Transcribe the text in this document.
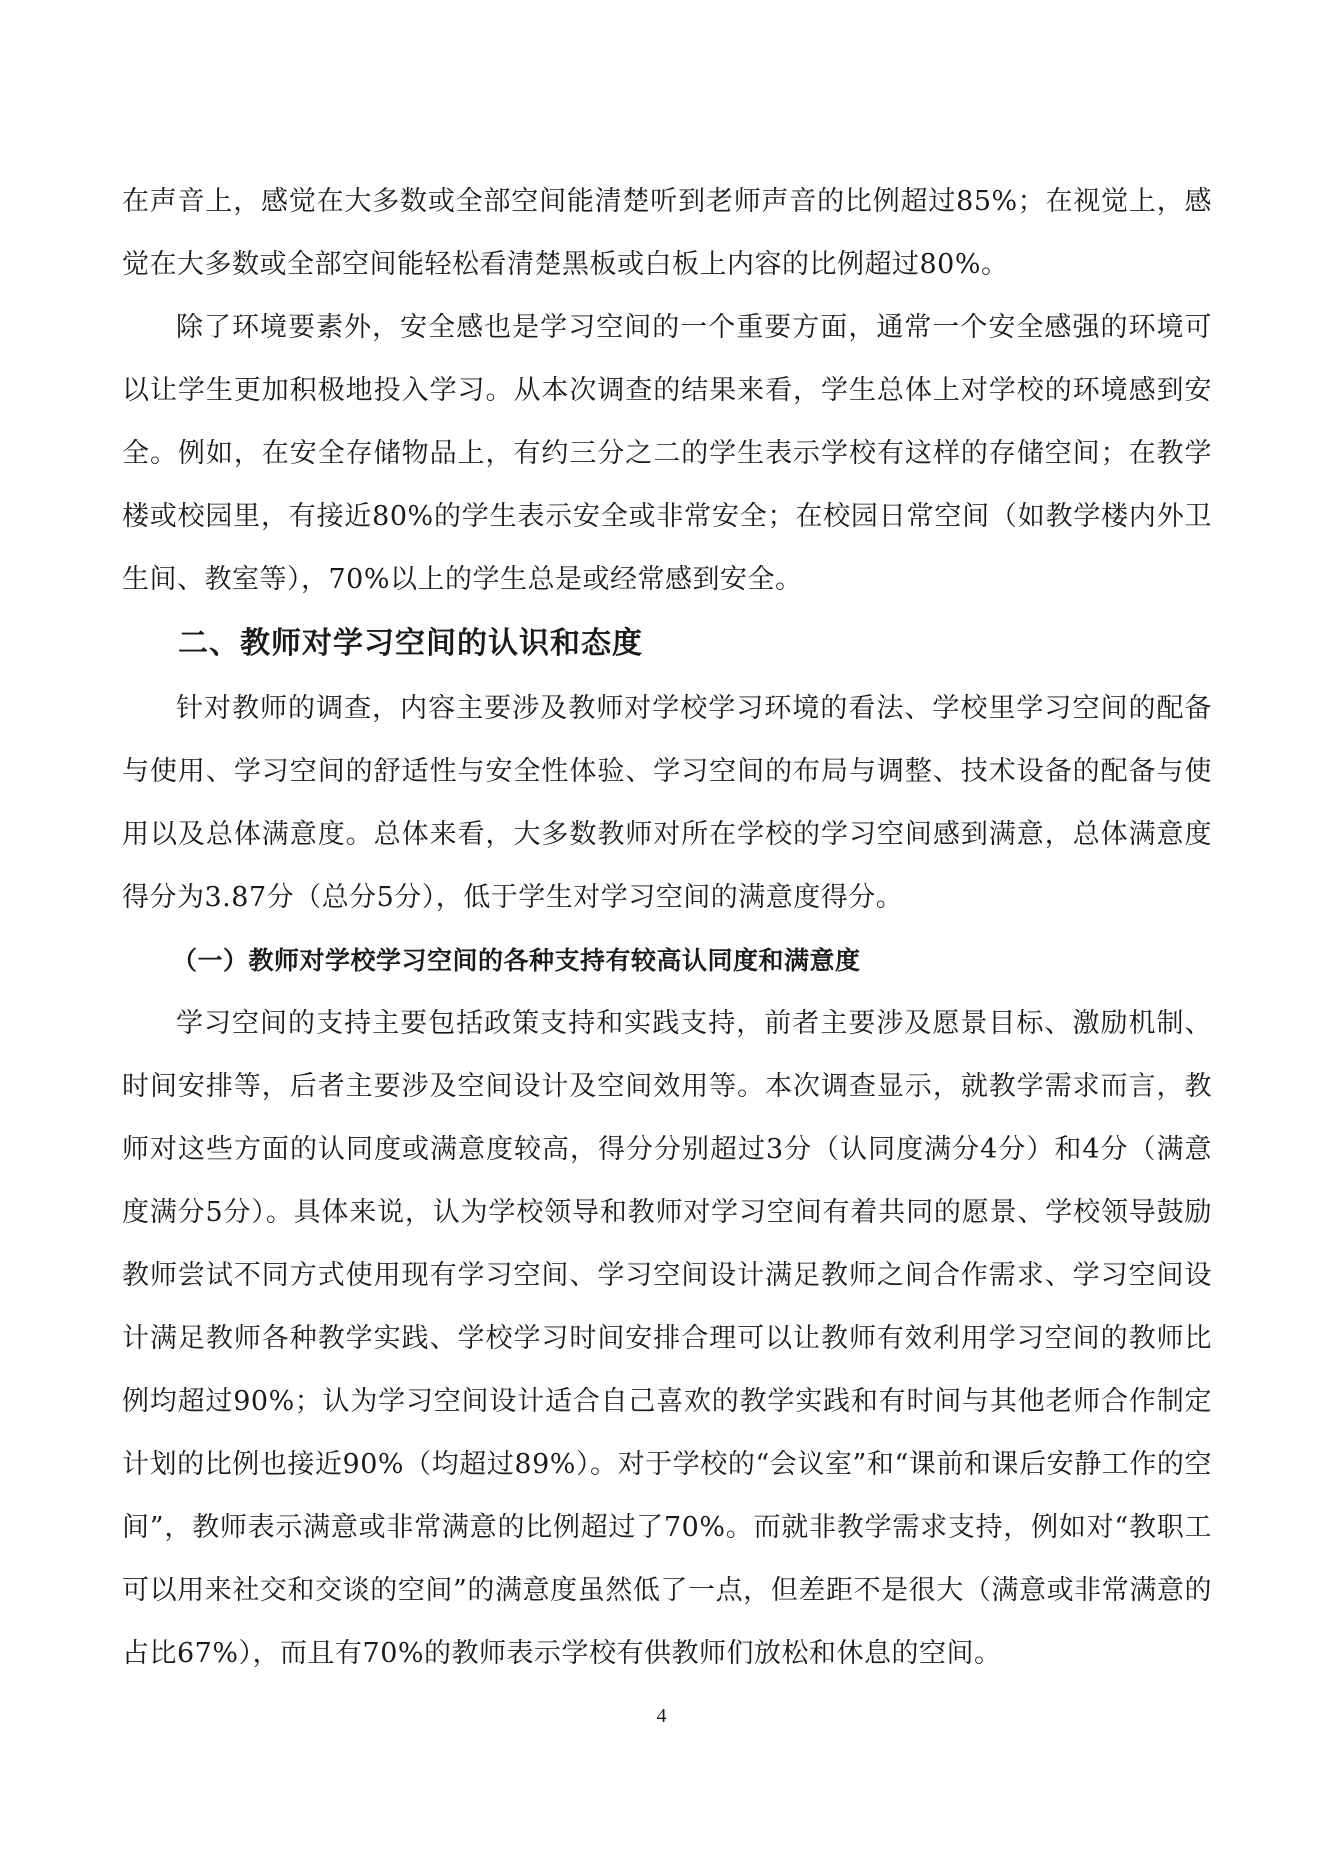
在声音上，感觉在大多数或全部空间能清楚听到老师声音的比例超过85%；在视觉上，感觉在大多数或全部空间能轻松看清楚黑板或白板上内容的比例超过80%。

除了环境要素外，安全感也是学习空间的一个重要方面，通常一个安全感强的环境可以让学生更加积极地投入学习。从本次调查的结果来看，学生总体上对学校的环境感到安全。例如，在安全存储物品上，有约三分之二的学生表示学校有这样的存储空间；在教学楼或校园里，有接近80%的学生表示安全或非常安全；在校园日常空间（如教学楼内外卫生间、教室等），70%以上的学生总是或经常感到安全。

二、教师对学习空间的认识和态度

针对教师的调查，内容主要涉及教师对学校学习环境的看法、学校里学习空间的配备与使用、学习空间的舒适性与安全性体验、学习空间的布局与调整、技术设备的配备与使用以及总体满意度。总体来看，大多数教师对所在学校的学习空间感到满意，总体满意度得分为3.87分（总分5分），低于学生对学习空间的满意度得分。

（一）教师对学校学习空间的各种支持有较高认同度和满意度

学习空间的支持主要包括政策支持和实践支持，前者主要涉及愿景目标、激励机制、时间安排等，后者主要涉及空间设计及空间效用等。本次调查显示，就教学需求而言，教师对这些方面的认同度或满意度较高，得分分别超过3分（认同度满分4分）和4分（满意度满分5分）。具体来说，认为学校领导和教师对学习空间有着共同的愿景、学校领导鼓励教师尝试不同方式使用现有学习空间、学习空间设计满足教师之间合作需求、学习空间设计满足教师各种教学实践、学校学习时间安排合理可以让教师有效利用学习空间的教师比例均超过90%；认为学习空间设计适合自己喜欢的教学实践和有时间与其他老师合作制定计划的比例也接近90%（均超过89%）。对于学校的“会议室”和“课前和课后安静工作的空间”，教师表示满意或非常满意的比例超过了70%。而就非教学需求支持，例如对“教职工可以用来社交和交谈的空间”的满意度虽然低了一点，但差距不是很大（满意或非常满意的占比67%），而且有70%的教师表示学校有供教师们放松和休息的空间。

4
